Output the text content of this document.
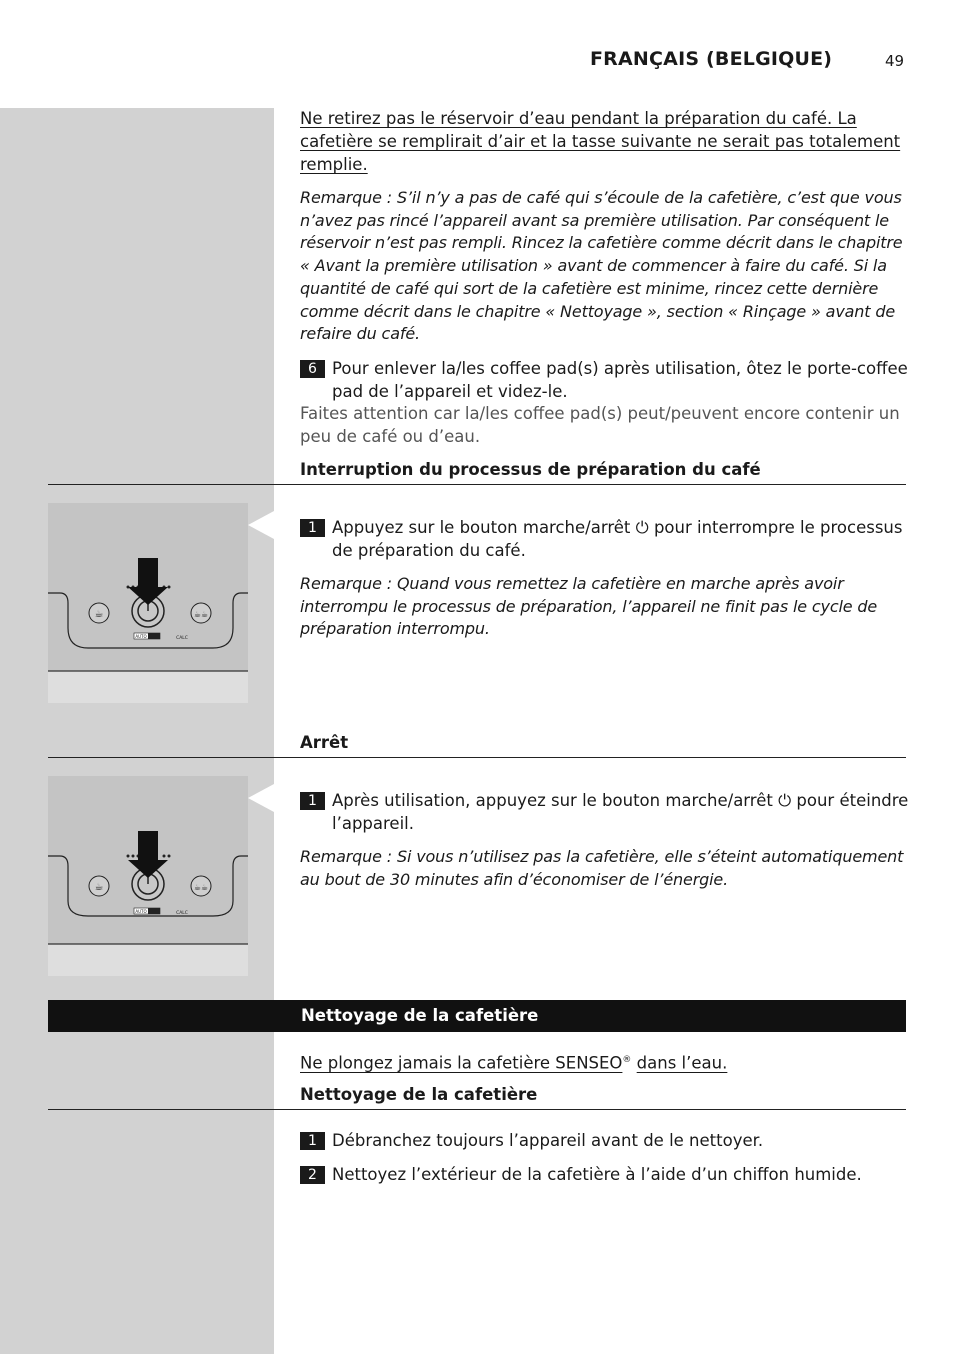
FRANÇAIS (BELGIQUE)	49
Ne retirez pas le réservoir d’eau pendant la préparation du café. La cafetière se remplirait d’air et la tasse suivante ne serait pas totalement remplie.
Remarque : S’il n’y a pas de café qui s’écoule de la cafetière, c’est que vous n’avez pas rincé l’appareil avant sa première utilisation. Par conséquent le réservoir n’est pas rempli. Rincez la cafetière comme décrit dans le chapitre « Avant la première utilisation » avant de commencer à faire du café. Si la quantité de café qui sort de la cafetière est minime, rincez cette dernière comme décrit dans le chapitre « Nettoyage », section « Rinçage » avant de refaire du café.
6 Pour enlever la/les coffee pad(s) après utilisation, ôtez le porte-coffee pad de l’appareil et videz-le.
Faites attention car la/les coffee pad(s) peut/peuvent encore contenir un peu de café ou d’eau.
Interruption du processus de préparation du café
☕	☕☕
AUTO	CALC
1 Appuyez sur le bouton marche/arrêt ⏻ pour interrompre le processus de préparation du café.
Remarque : Quand vous remettez la cafetière en marche après avoir interrompu le processus de préparation, l’appareil ne finit pas le cycle de préparation interrompu.
Arrêt
☕	☕☕
AUTO	CALC
1 Après utilisation, appuyez sur le bouton marche/arrêt ⏻ pour éteindre l’appareil.
Remarque : Si vous n’utilisez pas la cafetière, elle s’éteint automatiquement au bout de 30 minutes afin d’économiser de l’énergie.
Nettoyage de la cafetière
Ne plongez jamais la cafetière SENSEO® dans l’eau.
Nettoyage de la cafetière
1 Débranchez toujours l’appareil avant de le nettoyer.
2 Nettoyez l’extérieur de la cafetière à l’aide d’un chiffon humide.
